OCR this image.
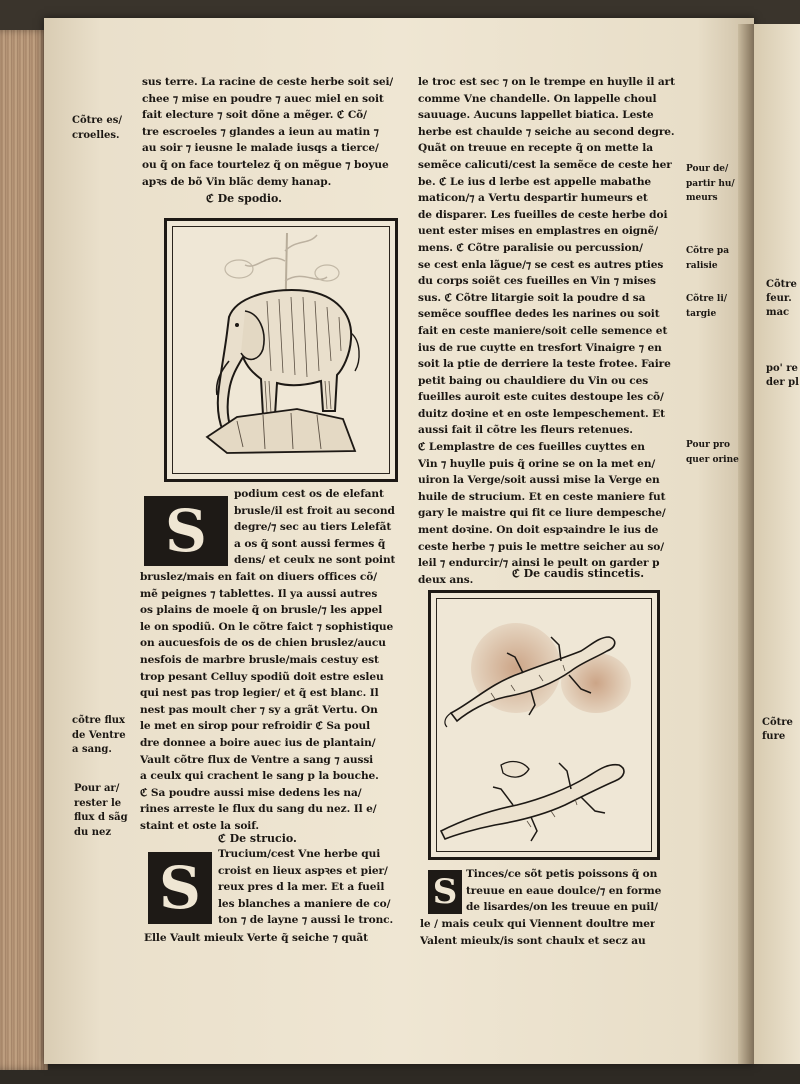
Cõtre
feur.
mac
po' re
der pl
Cõtre
fure
Cõtre es/
croelles.
cõtre flux
de Ventre
a sang.
Pour ar/
rester le
flux d sãg
du nez
Pour de/
partir hu/
meurs
Cõtre pa
ralisie
Cõtre li/
targie
Pour pro
quer orine
sus terre. La racine de ceste herbe soit sei/
chee ⁊ mise en poudre ⁊ auec miel en soit
fait electure ⁊ soit dõne a mẽger. ℭ Cõ/
tre escroeles ⁊ glandes a ieun au matin ⁊
au soir ⁊ ieusne le malade iusqs a tierce/
ou q̃ on face tourtelez q̃ on mẽgue ⁊ boyue
apꝛs de bõ Vin blãc demy hanap.
ℭ De spodio.
S
podium cest os de elefant
brusle/il est froit au second
degre/⁊ sec au tiers Lelefãt
a os q̃ sont aussi fermes q̃
dens/ et ceulx ne sont point
bruslez/mais en fait on diuers offices cõ/
mẽ peignes ⁊ tablettes. Il ya aussi autres
os plains de moele q̃ on brusle/⁊ les appel
le on spodiũ. On le cõtre faict ⁊ sophistique
on aucuesfois de os de chien bruslez/aucu
nesfois de marbre brusle/mais cestuy est
trop pesant Celluy spodiũ doit estre esleu
qui nest pas trop legier/ et q̃ est blanc. Il
nest pas moult cher ⁊ sy a grãt Vertu. On
le met en sirop pour refroidir ℭ Sa poul
dre donnee a boire auec ius de plantain/
Vault cõtre flux de Ventre a sang ⁊ aussi
a ceulx qui crachent le sang p la bouche.
ℭ Sa poudre aussi mise dedens les na/
rines arreste le flux du sang du nez. Il e/
staint et oste la soif.
ℭ De strucio.
S Trucium/cest Vne herbe qui
croist en lieux aspꝛes et pier/
reux pres d la mer. Et a fueil
les blanches a maniere de co/
ton ⁊ de layne ⁊ aussi le tronc.
Elle Vault mieulx Verte q̃ seiche ⁊ quãt
le troc est sec ⁊ on le trempe en huylle il art
comme Vne chandelle. On lappelle choul
sauuage. Aucuns lappellet biatica. Leste
herbe est chaulde ⁊ seiche au second degre.
Quãt on treuue en recepte q̃ on mette la
semẽce calicuti/cest la semẽce de ceste her
be. ℭ Le ius d lerbe est appelle mabathe
maticon/⁊ a Vertu despartir humeurs et
de disparer. Les fueilles de ceste herbe doi
uent ester mises en emplastres en oignẽ/
mens. ℭ Cõtre paralisie ou percussion/
se cest enla lãgue/⁊ se cest es autres pties
du corps soiẽt ces fueilles en Vin ⁊ mises
sus. ℭ Cõtre litargie soit la poudre d sa
semẽce soufflee dedes les narines ou soit
fait en ceste maniere/soit celle semence et
ius de rue cuytte en tresfort Vinaigre ⁊ en
soit la ptie de derriere la teste frotee. Faire
petit baing ou chauldiere du Vin ou ces
fueilles auroit este cuites destoupe les cõ/
duitz doꝛine et en oste lempeschement. Et
aussi fait il cõtre les fleurs retenues.
ℭ Lemplastre de ces fueilles cuyttes en
Vin ⁊ huylle puis q̃ orine se on la met en/
uiron la Verge/soit aussi mise la Verge en
huile de strucium. Et en ceste maniere fut
gary le maistre qui fit ce liure dempesche/
ment doꝛine. On doit espꝛaindre le ius de
ceste herbe ⁊ puis le mettre seicher au so/
leil ⁊ endurcir/⁊ ainsi le peult on garder p
deux ans.	ℭ De caudis stincetis.
S Tinces/ce sõt petis poissons q̃ on
treuue en eaue doulce/⁊ en forme
de lisardes/on les treuue en puil/
le / mais ceulx qui Viennent doultre mer
Valent mieulx/is sont chaulx et secz au
